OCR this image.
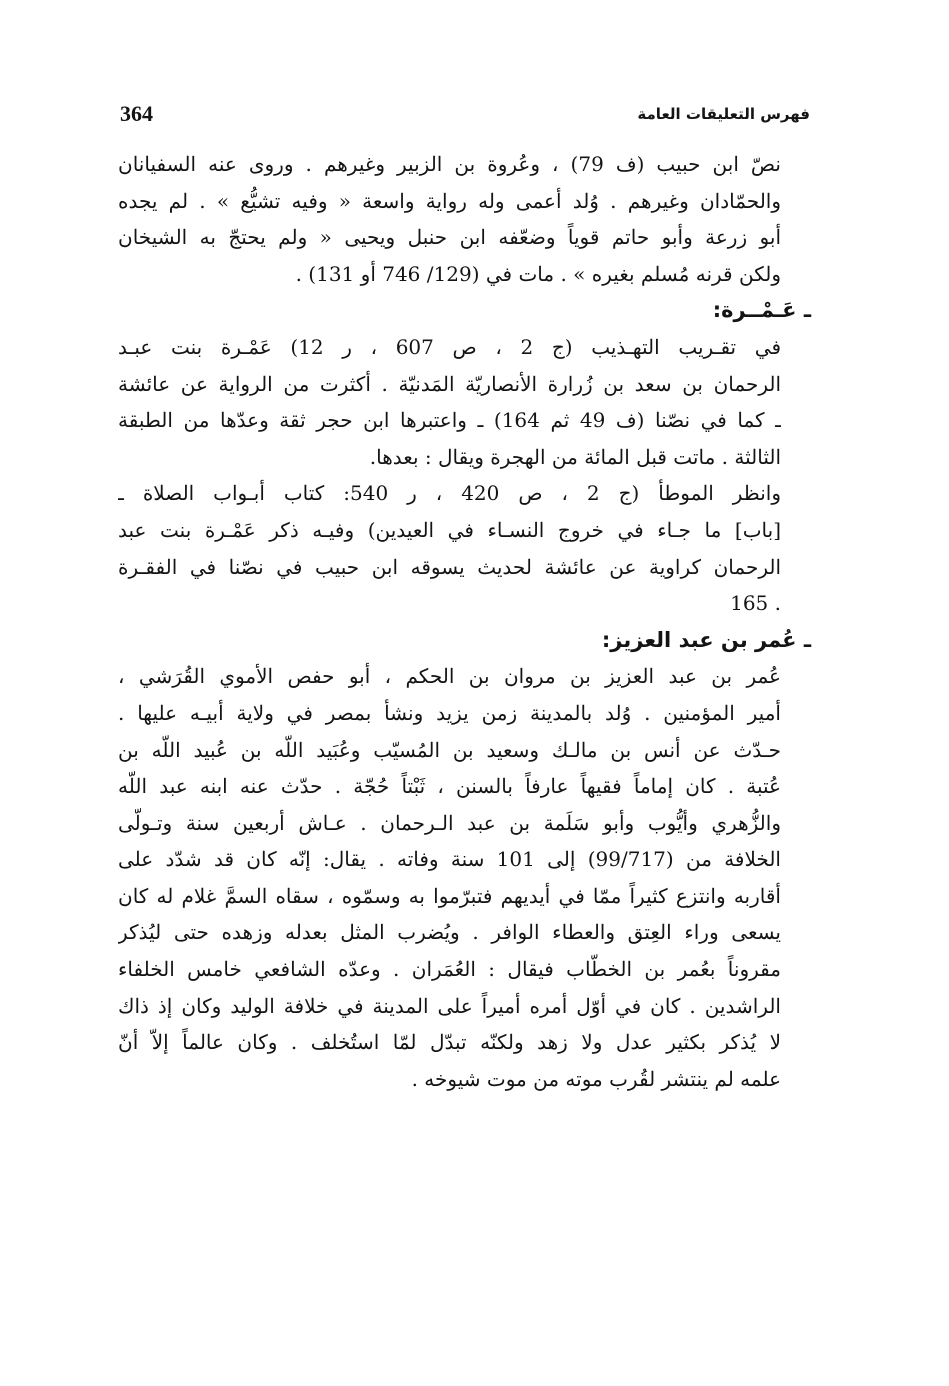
364	فهرس التعليقات العامة
نصّ ابن حبيب (ف 79) ، وعُروة بن الزبير وغيرهم . وروى عنه السفيانان
والحمّادان وغيرهم . وُلد أعمى وله رواية واسعة « وفيه تشيُّع » . لم يجده
أبو زرعة وأبو حاتم قوياً وضعّفه ابن حنبل ويحيى « ولم يحتجّ به الشيخان
ولكن قرنه مُسلم بغيره » . مات في (129/ 746 أو 131) .
ـ عَـمْــرة:
في تقـريب التهـذيب (ج 2 ، ص 607 ، ر 12) عَمْـرة بنت عبـد
الرحمان بن سعد بن زُرارة الأنصاريّة المَدنيّة . أكثرت من الرواية عن عائشة
ـ كما في نصّنا (ف 49 ثم 164) ـ واعتبرها ابن حجر ثقة وعدّها من الطبقة
الثالثة . ماتت قبل المائة من الهجرة ويقال : بعدها.
وانظر الموطأ (ج 2 ، ص 420 ، ر 540: كتاب أبـواب الصلاة ـ
[باب] ما جـاء في خروج النسـاء في العيدين) وفيـه ذكر عَمْـرة بنت عبد
الرحمان كراوية عن عائشة لحديث يسوقه ابن حبيب في نصّنا في الفقـرة
. 165
ـ عُمر بن عبد العزيز:
عُمر بن عبد العزيز بن مروان بن الحكم ، أبو حفص الأموي القُرَشي ،
أمير المؤمنين . وُلد بالمدينة زمن يزيد ونشأ بمصر في ولاية أبيـه عليها .
حـدّث عن أنس بن مالـك وسعيد بن المُسيّب وعُبَيد اللّه بن عُبيد اللّه بن
عُتبة . كان إماماً فقيهاً عارفاً بالسنن ، ثَبْتاً حُجّة . حدّث عنه ابنه عبد اللّه
والزُّهري وأيُّوب وأبو سَلَمة بن عبد الـرحمان . عـاش أربعين سنة وتـولّى
الخلافة من (99/717) إلى 101 سنة وفاته . يقال: إنّه كان قد شدّد على
أقاربه وانتزع كثيراً ممّا في أيديهم فتبرّموا به وسمّوه ، سقاه السمَّ غلام له كان
يسعى وراء العِتق والعطاء الوافر . ويُضرب المثل بعدله وزهده حتى ليُذكر
مقروناً بعُمر بن الخطّاب فيقال : العُمَران . وعدّه الشافعي خامس الخلفاء
الراشدين . كان في أوّل أمره أميراً على المدينة في خلافة الوليد وكان إذ ذاك
لا يُذكر بكثير عدل ولا زهد ولكنّه تبدّل لمّا استُخلف . وكان عالماً إلاّ أنّ
علمه لم ينتشر لقُرب موته من موت شيوخه .
